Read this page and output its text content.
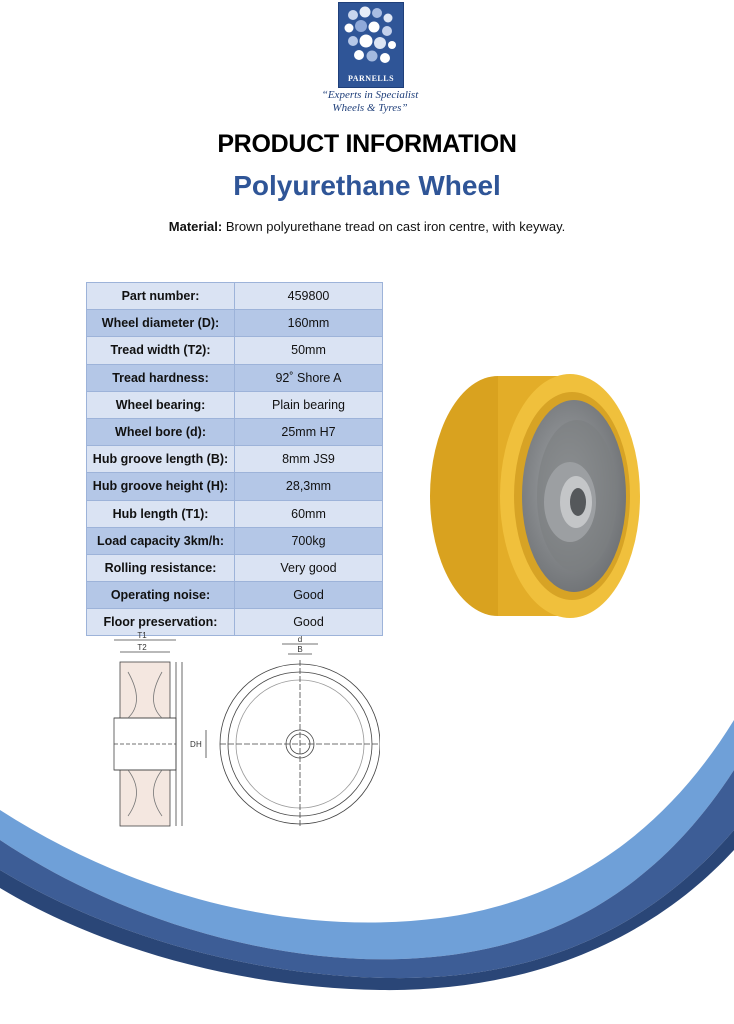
PARNELLS
“Experts in Specialist
Wheels & Tyres”
PRODUCT INFORMATION
Polyurethane Wheel
Material: Brown polyurethane tread on cast iron centre, with keyway.
Part number:	459800
Wheel diameter (D):	160mm
Tread width (T2):	50mm
Tread hardness:	92˚ Shore A
Wheel bearing:	Plain bearing
Wheel bore (d):	25mm H7
Hub groove length (B):	8mm JS9
Hub groove height (H):	28,3mm
Hub length (T1):	60mm
Load capacity 3km/h:	700kg
Rolling resistance:	Very good
Operating noise:	Good
Floor preservation:	Good
T1
T2
D
d
B
H
